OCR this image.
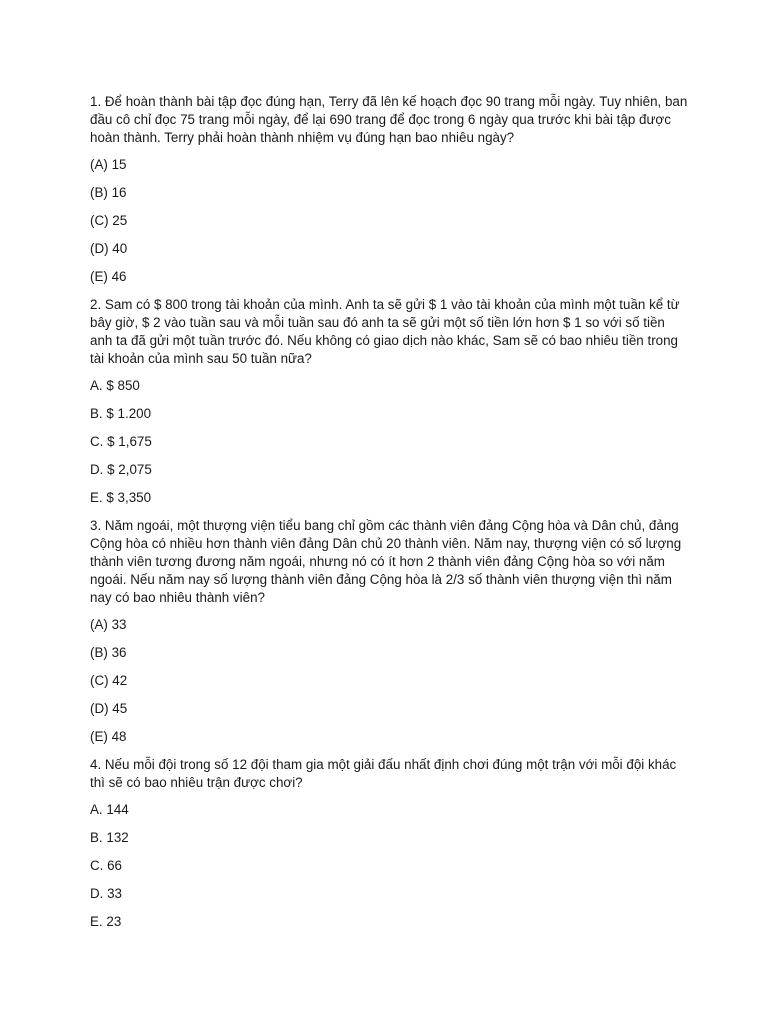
1. Để hoàn thành bài tập đọc đúng hạn, Terry đã lên kế hoạch đọc 90 trang mỗi ngày. Tuy nhiên, ban đầu cô chỉ đọc 75 trang mỗi ngày, để lại 690 trang để đọc trong 6 ngày qua trước khi bài tập được hoàn thành. Terry phải hoàn thành nhiệm vụ đúng hạn bao nhiêu ngày?

(A) 15
(B) 16
(C) 25
(D) 40
(E) 46

2. Sam có $ 800 trong tài khoản của mình. Anh ta sẽ gửi $ 1 vào tài khoản của mình một tuần kể từ bây giờ, $ 2 vào tuần sau và mỗi tuần sau đó anh ta sẽ gửi một số tiền lớn hơn $ 1 so với số tiền anh ta đã gửi một tuần trước đó. Nếu không có giao dịch nào khác, Sam sẽ có bao nhiêu tiền trong tài khoản của mình sau 50 tuần nữa?

A. $ 850
B. $ 1.200
C. $ 1,675
D. $ 2,075
E. $ 3,350

3. Năm ngoái, một thượng viện tiểu bang chỉ gồm các thành viên đảng Cộng hòa và Dân chủ, đảng Cộng hòa có nhiều hơn thành viên đảng Dân chủ 20 thành viên. Năm nay, thượng viện có số lượng thành viên tương đương năm ngoái, nhưng nó có ít hơn 2 thành viên đảng Cộng hòa so với năm ngoái. Nếu năm nay số lượng thành viên đảng Cộng hòa là 2/3 số thành viên thượng viện thì năm nay có bao nhiêu thành viên?

(A) 33
(B) 36
(C) 42
(D) 45
(E) 48

4. Nếu mỗi đội trong số 12 đội tham gia một giải đấu nhất định chơi đúng một trận với mỗi đội khác thì sẽ có bao nhiêu trận được chơi?

A. 144
B. 132
C. 66
D. 33
E. 23
